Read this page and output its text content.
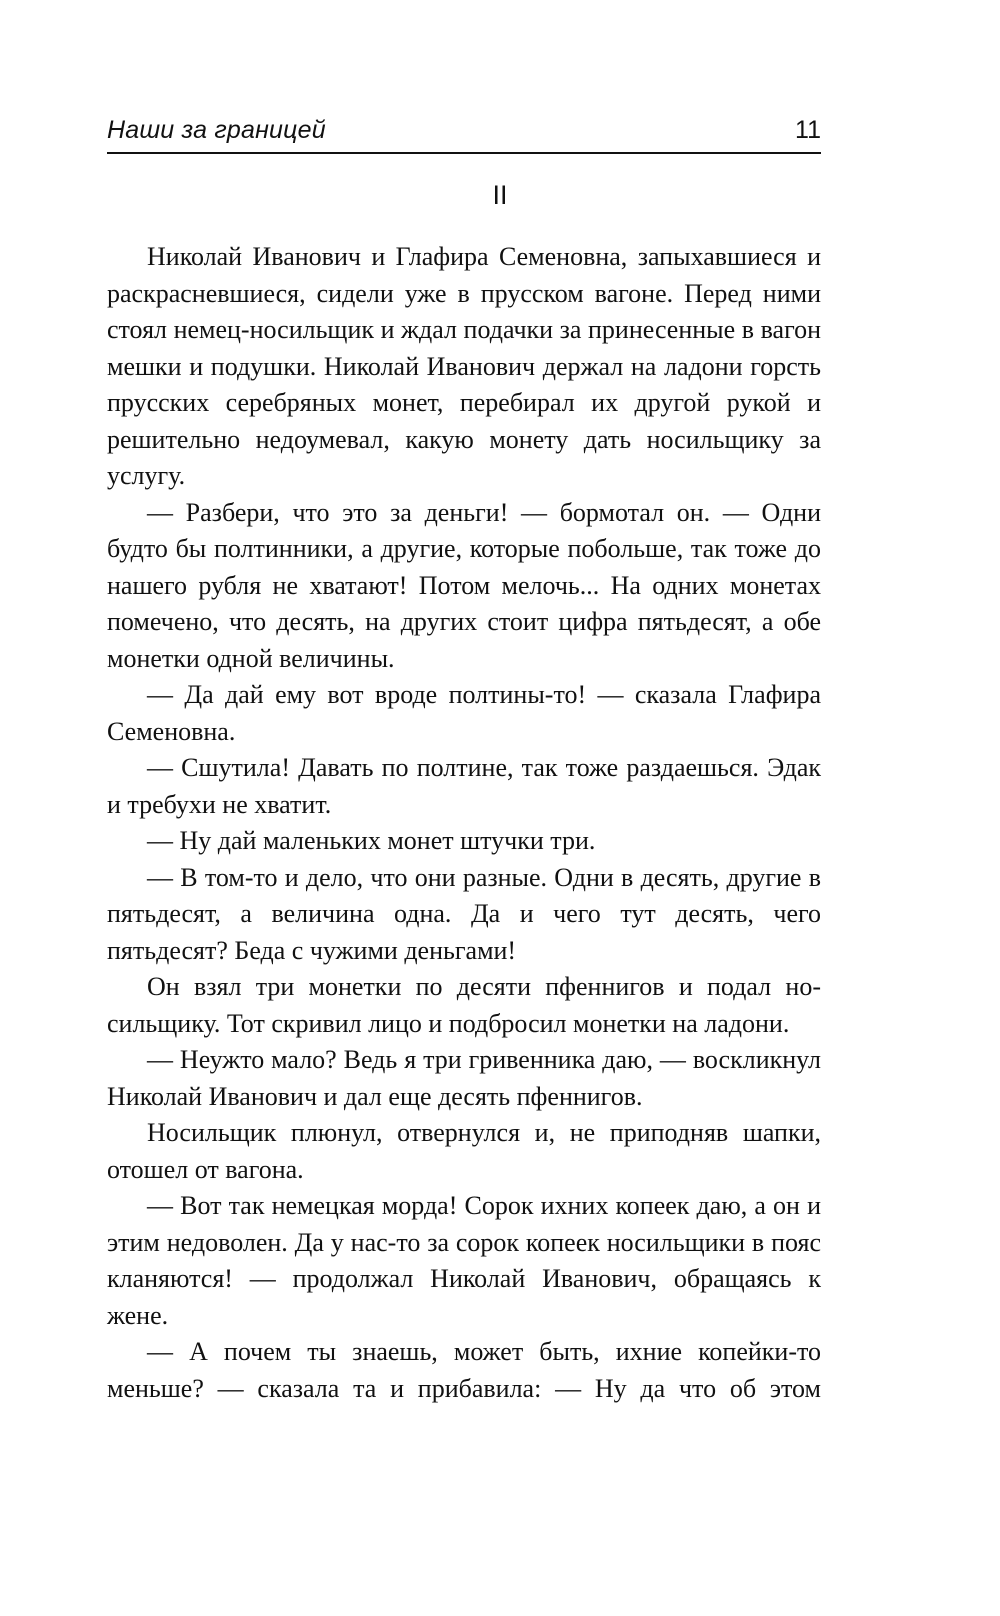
Наши за границей	11
II

Николай Иванович и Глафира Семеновна, запыхавшиеся и раскрасневшиеся, сидели уже в прусском вагоне. Перед ними стоял немец-носильщик и ждал подачки за принесенные в вагон мешки и подушки. Николай Иванович держал на ладони горсть прусских серебряных монет, перебирал их другой рукой и решительно недоумевал, какую монету дать носильщику за услугу.

— Разбери, что это за деньги! — бормотал он. — Одни будто бы полтинники, а другие, которые побольше, так тоже до нашего рубля не хватают! Потом мелочь... На одних монетах помечено, что десять, на других стоит цифра пятьдесят, а обе монетки одной величины.

— Да дай ему вот вроде полтины-то! — сказала Глафира Семеновна.

— Сшутила! Давать по полтине, так тоже раздаешься. Эдак и требухи не хватит.

— Ну дай маленьких монет штучки три.

— В том-то и дело, что они разные. Одни в десять, другие в пятьдесят, а величина одна. Да и чего тут десять, чего пятьдесят? Беда с чужими деньгами!

Он взял три монетки по десяти пфеннигов и подал носильщику. Тот скривил лицо и подбросил монетки на ладони.

— Неужто мало? Ведь я три гривенника даю, — воскликнул Николай Иванович и дал еще десять пфеннигов.

Носильщик плюнул, отвернулся и, не приподняв шапки, отошел от вагона.

— Вот так немецкая морда! Сорок ихних копеек даю, а он и этим недоволен. Да у нас-то за сорок копеек носильщики в пояс кланяются! — продолжал Николай Иванович, обращаясь к жене.

— А почем ты знаешь, может быть, ихние копейки-то меньше? — сказала та и прибавила: — Ну да что об этом
